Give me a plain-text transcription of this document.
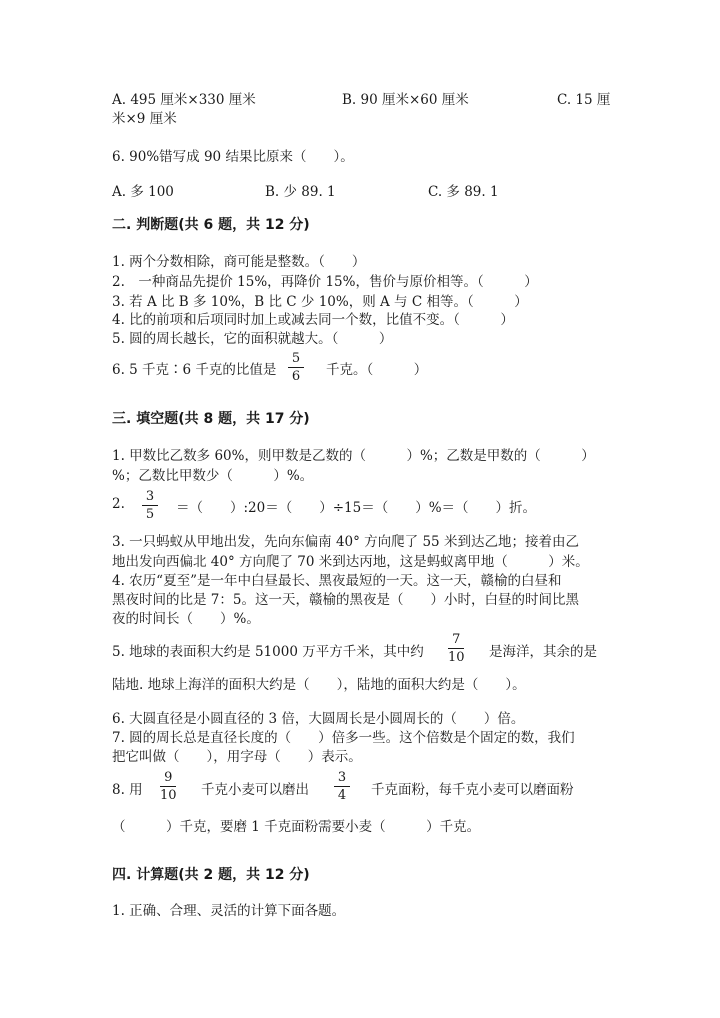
A. 495 厘米×330 厘米	B. 90 厘米×60 厘米	C. 15 厘
米×9 厘米
6. 90%错写成 90 结果比原来（　　）。
A. 多 100	B. 少 89. 1	C. 多 89. 1
二. 判断题(共 6 题，共 12 分)
1. 两个分数相除，商可能是整数。（　　）
2.　一种商品先提价 15%，再降价 15%，售价与原价相等。（　　　）
3. 若 A 比 B 多 10%，B 比 C 少 10%，则 A 与 C 相等。（　　　）
4. 比的前项和后项同时加上或减去同一个数，比值不变。（　　　）
5. 圆的周长越长，它的面积就越大。（　　　）
6. 5 千克∶6 千克的比值是
5
6 千克。（　　　）
三. 填空题(共 8 题，共 17 分)
1. 甲数比乙数多 60%，则甲数是乙数的（　　　）%；乙数是甲数的（　　　）
%；乙数比甲数少（　　　）%。
2. 3
5 ＝（　　）:20＝（　　）÷15＝（　　）%＝（　　）折。
3. 一只蚂蚁从甲地出发，先向东偏南 40° 方向爬了 55 米到达乙地；接着由乙
地出发向西偏北 40° 方向爬了 70 米到达丙地，这是蚂蚁离甲地（　　　）米。
4. 农历“夏至”是一年中白昼最长、黑夜最短的一天。这一天，赣榆的白昼和
黑夜时间的比是 7：5。这一天，赣榆的黑夜是（　　）小时，白昼的时间比黑
夜的时间长（　　）%。
5. 地球的表面积大约是 51000 万平方千米，其中约
7
10 是海洋，其余的是
陆地. 地球上海洋的面积大约是（　　），陆地的面积大约是（　　）。
6. 大圆直径是小圆直径的 3 倍，大圆周长是小圆周长的（　　）倍。
7. 圆的周长总是直径长度的（　　）倍多一些。这个倍数是个固定的数，我们
把它叫做（　　），用字母（　　）表示。
8. 用
9
10 千克小麦可以磨出
3
4 千克面粉，每千克小麦可以磨面粉
（　　　）千克，要磨 1 千克面粉需要小麦（　　　）千克。
四. 计算题(共 2 题，共 12 分)
1. 正确、合理、灵活的计算下面各题。
